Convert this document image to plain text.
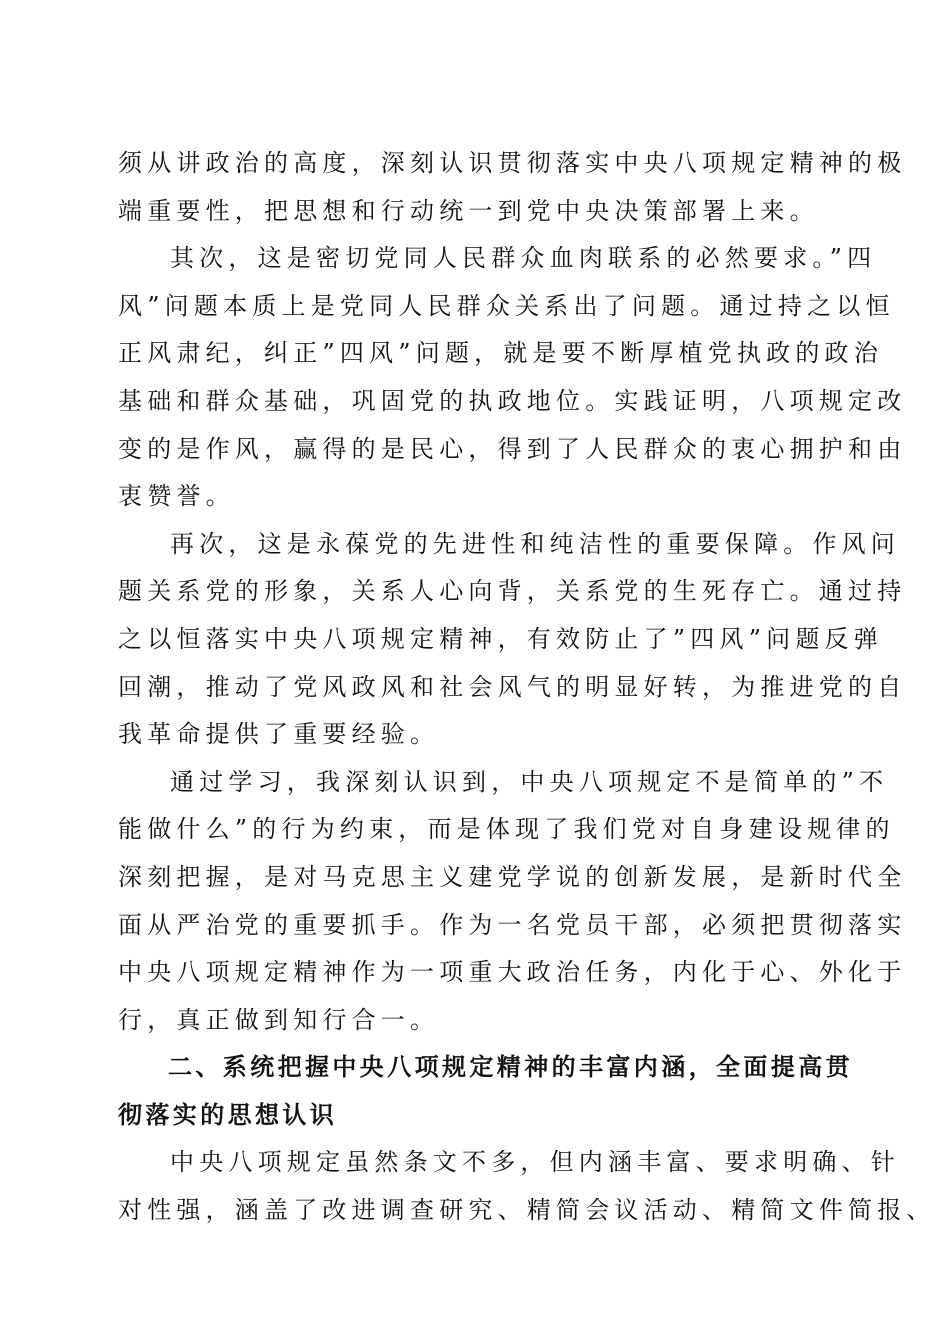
须从讲政治的高度，深刻认识贯彻落实中央八项规定精神的极
端重要性，把思想和行动统一到党中央决策部署上来。
其次，这是密切党同人民群众血肉联系的必然要求。”四
风”问题本质上是党同人民群众关系出了问题。通过持之以恒
正风肃纪，纠正”四风”问题，就是要不断厚植党执政的政治
基础和群众基础，巩固党的执政地位。实践证明，八项规定改
变的是作风，赢得的是民心，得到了人民群众的衷心拥护和由
衷赞誉。
再次，这是永葆党的先进性和纯洁性的重要保障。作风问
题关系党的形象，关系人心向背，关系党的生死存亡。通过持
之以恒落实中央八项规定精神，有效防止了”四风”问题反弹
回潮，推动了党风政风和社会风气的明显好转，为推进党的自
我革命提供了重要经验。
通过学习，我深刻认识到，中央八项规定不是简单的”不
能做什么”的行为约束，而是体现了我们党对自身建设规律的
深刻把握，是对马克思主义建党学说的创新发展，是新时代全
面从严治党的重要抓手。作为一名党员干部，必须把贯彻落实
中央八项规定精神作为一项重大政治任务，内化于心、外化于
行，真正做到知行合一。
二、系统把握中央八项规定精神的丰富内涵，全面提高贯
彻落实的思想认识
中央八项规定虽然条文不多，但内涵丰富、要求明确、针
对性强，涵盖了改进调查研究、精简会议活动、精简文件简报、
